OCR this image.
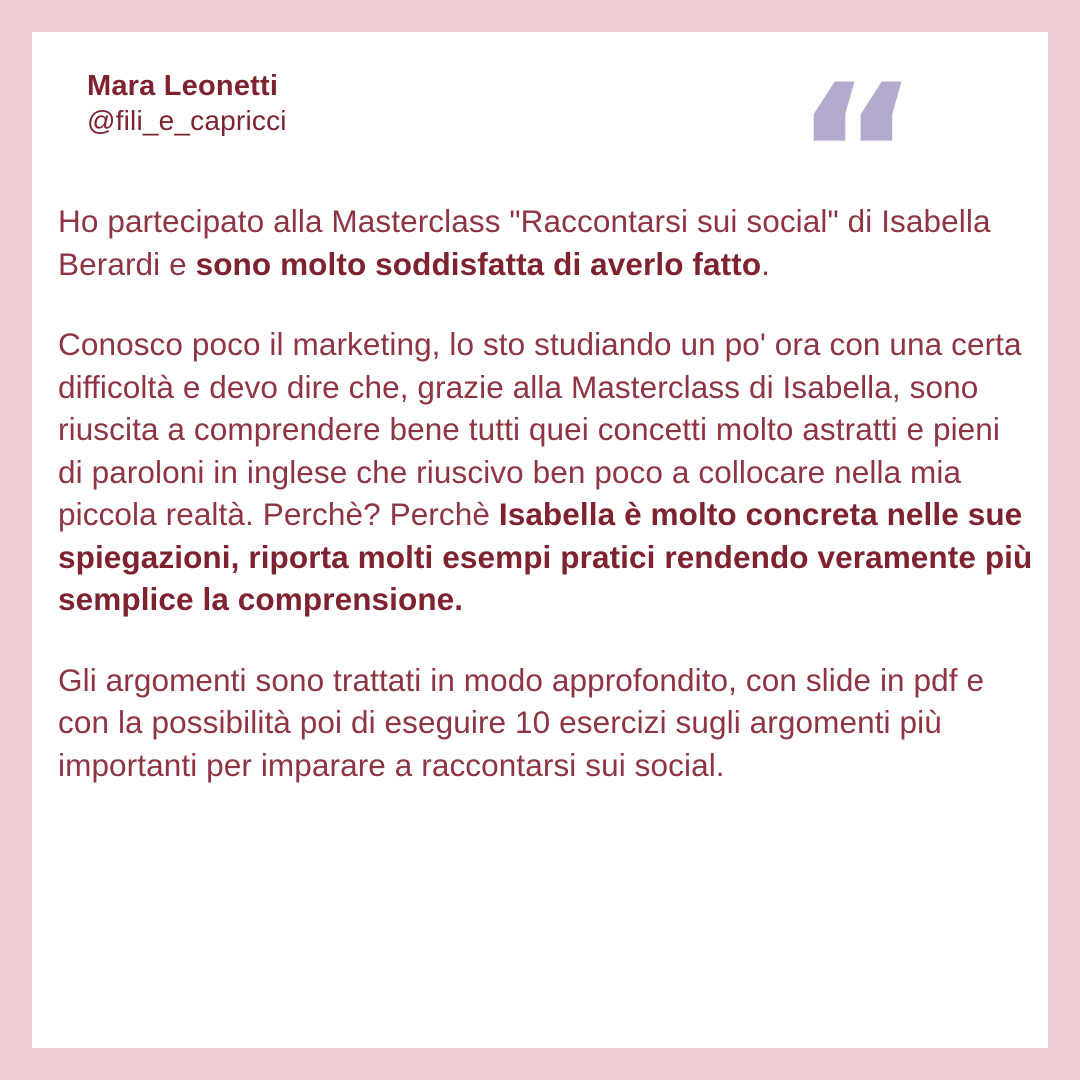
“

Mara Leonetti

@fili_e_capricci

Ho partecipato alla Masterclass "Raccontarsi sui social" di Isabella Berardi e sono molto soddisfatta di averlo fatto.

Conosco poco il marketing, lo sto studiando un po' ora con una certa difficoltà e devo dire che, grazie alla Masterclass di Isabella, sono riuscita a comprendere bene tutti quei concetti molto astratti e pieni di paroloni in inglese che riuscivo ben poco a collocare nella mia piccola realtà. Perchè? Perchè Isabella è molto concreta nelle sue spiegazioni, riporta molti esempi pratici rendendo veramente più semplice la comprensione.

Gli argomenti sono trattati in modo approfondito, con slide in pdf e con la possibilità poi di eseguire 10 esercizi sugli argomenti più importanti per imparare a raccontarsi sui social.
